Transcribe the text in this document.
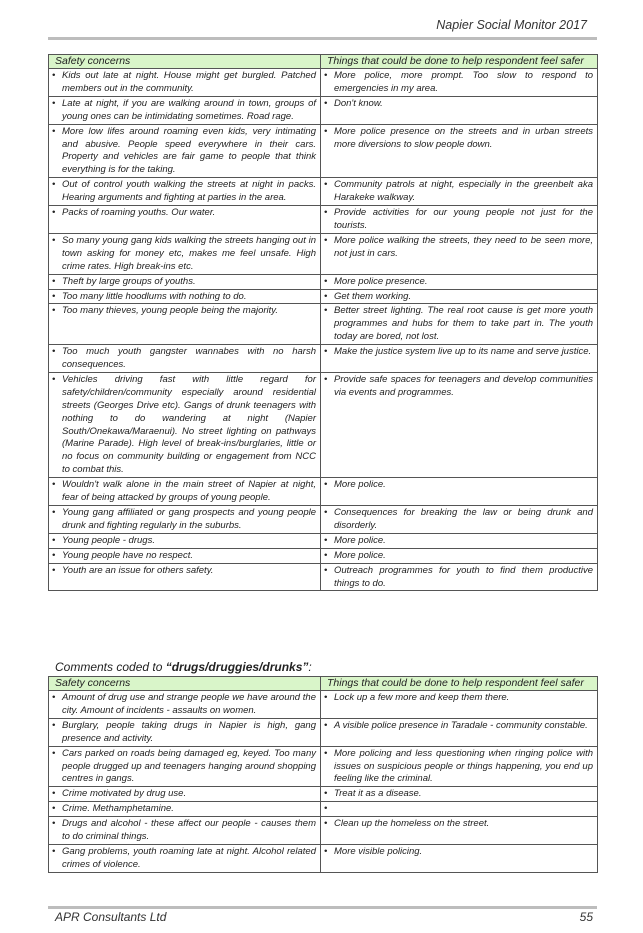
Napier Social Monitor 2017
Safety concerns	Things that could be done to help respondent feel safer

• Kids out late at night. House might get burgled. Patched members out in the community.	• More police, more prompt. Too slow to respond to emergencies in my area.

• Late at night, if you are walking around in town, groups of young ones can be intimidating sometimes. Road rage.	• Don't know.

• More low lifes around roaming even kids, very intimating and abusive. People speed everywhere in their cars. Property and vehicles are fair game to people that think everything is for the taking.	• More police presence on the streets and in urban streets more diversions to slow people down.

• Out of control youth walking the streets at night in packs. Hearing arguments and fighting at parties in the area.	• Community patrols at night, especially in the greenbelt aka Harakeke walkway.

• Packs of roaming youths. Our water.	• Provide activities for our young people not just for the tourists.

• So many young gang kids walking the streets hanging out in town asking for money etc, makes me feel unsafe. High crime rates. High break-ins etc.	• More police walking the streets, they need to be seen more, not just in cars.

• Theft by large groups of youths.	• More police presence.

• Too many little hoodlums with nothing to do.	• Get them working.

• Too many thieves, young people being the majority.	• Better street lighting. The real root cause is get more youth programmes and hubs for them to take part in. The youth today are bored, not lost.

• Too much youth gangster wannabes with no harsh consequences.	• Make the justice system live up to its name and serve justice.

• Vehicles driving fast with little regard for safety/children/community especially around residential streets (Georges Drive etc). Gangs of drunk teenagers with nothing to do wandering at night (Napier South/Onekawa/Maraenui). No street lighting on pathways (Marine Parade). High level of break-ins/burglaries, little or no focus on community building or engagement from NCC to combat this.	• Provide safe spaces for teenagers and develop communities via events and programmes.

• Wouldn't walk alone in the main street of Napier at night, fear of being attacked by groups of young people.	• More police.

• Young gang affiliated or gang prospects and young people drunk and fighting regularly in the suburbs.	• Consequences for breaking the law or being drunk and disorderly.

• Young people - drugs.	• More police.

• Young people have no respect.	• More police.

• Youth are an issue for others safety.	• Outreach programmes for youth to find them productive things to do.
Comments coded to “drugs/druggies/drunks”:
Safety concerns	Things that could be done to help respondent feel safer

• Amount of drug use and strange people we have around the city. Amount of incidents - assaults on women.	• Lock up a few more and keep them there.

• Burglary, people taking drugs in Napier is high, gang presence and activity.	• A visible police presence in Taradale - community constable.

• Cars parked on roads being damaged eg, keyed. Too many people drugged up and teenagers hanging around shopping centres in gangs.	• More policing and less questioning when ringing police with issues on suspicious people or things happening, you end up feeling like the criminal.

• Crime motivated by drug use.	• Treat it as a disease.

• Crime. Methamphetamine.	•

• Drugs and alcohol - these affect our people - causes them to do criminal things.	• Clean up the homeless on the street.

• Gang problems, youth roaming late at night. Alcohol related crimes of violence.	• More visible policing.
APR Consultants Ltd	55
